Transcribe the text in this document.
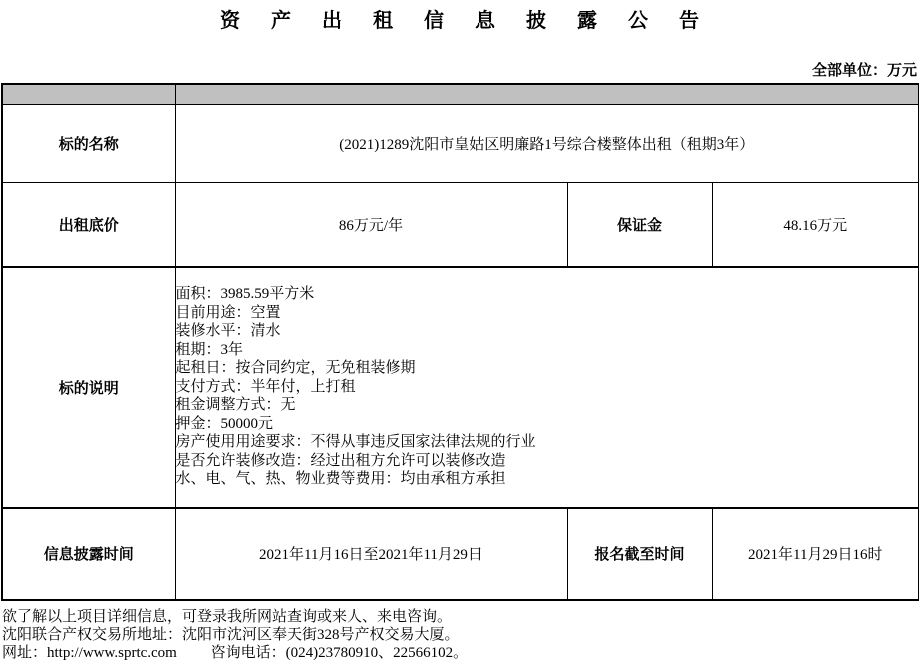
资 产 出 租 信 息 披 露 公 告
全部单位：万元

标的名称	(2021)1289沈阳市皇姑区明廉路1号综合楼整体出租（租期3年）		
出租底价	86万元/年	保证金	48.16万元
标的说明	
面积：3985.59平方米
目前用途：空置
装修水平：清水
租期：3年
起租日：按合同约定，无免租装修期
支付方式：半年付，上打租
租金调整方式：无
押金：50000元
房产使用用途要求：不得从事违反国家法律法规的行业
是否允许装修改造：经过出租方允许可以装修改造
水、电、气、热、物业费等费用：均由承租方承担

信息披露时间	2021年11月16日至2021年11月29日	报名截至时间	2021年11月29日16时
欲了解以上项目详细信息，可登录我所网站查询或来人、来电咨询。
沈阳联合产权交易所地址：沈阳市沈河区奉天街328号产权交易大厦。
网址：http://www.sprtc.com 咨询电话：(024)23780910、22566102。
